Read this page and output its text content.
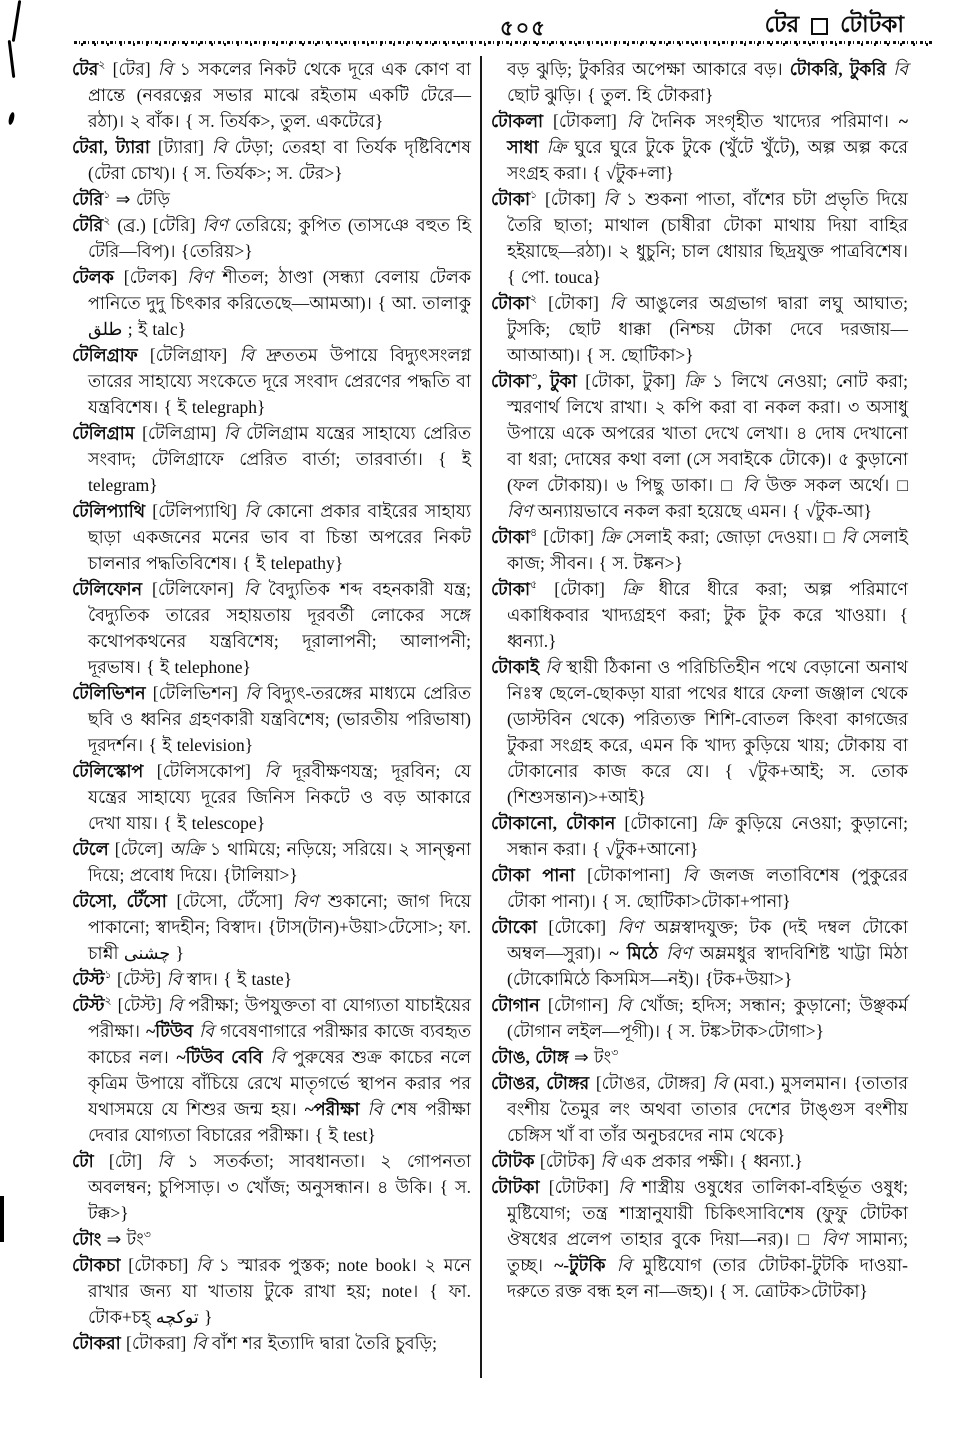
৫০৫	টের টোটকা

টের$^২$ [টের] বি ১ সকলের নিকট থেকে দূরে এক কোণ বা প্রান্তে (নবরত্নের সভার মাঝে রইতাম একটি টেরে— রঠা)। ২ বাঁক। { স. তির্যক>, তুল. একটেরে}

টেরা, ট্যারা [ট্যারা] বি টেড়া; তেরহা বা তির্যক দৃষ্টিবিশেষ (টেরা চোখ)। { স. তির্যক>; স. টের>}

টেরি$^১$ ⇒ টেড়ি

টেরি$^২$ (ব্র.) [টেরি] বিণ তেরিয়ে; কুপিত (তাসঞে বহুত হি টেরি—বিপ)। {তেরিয়>}

টেলক [টেলক] বিণ শীতল; ঠাণ্ডা (সন্ধ্যা বেলায় টেলক পানিতে দুদু চিৎকার করিতেছে—আমআ)। { আ. তালাকু طلق ; ই talc}

টেলিগ্রাফ [টেলিগ্রাফ] বি দ্রুততম উপায়ে বিদ্যুৎসংলগ্ন তারের সাহায্যে সংকেতে দূরে সংবাদ প্রেরণের পদ্ধতি বা যন্ত্রবিশেষ। { ই telegraph}

টেলিগ্রাম [টেলিগ্রাম] বি টেলিগ্রাম যন্ত্রের সাহায্যে প্রেরিত সংবাদ; টেলিগ্রাফে প্রেরিত বার্তা; তারবার্তা। { ই telegram}

টেলিপ্যাথি [টেলিপ্যাথি] বি কোনো প্রকার বাইরের সাহায্য ছাড়া একজনের মনের ভাব বা চিন্তা অপরের নিকট চালনার পদ্ধতিবিশেষ। { ই telepathy}

টেলিফোন [টেলিফোন] বি বৈদ্যুতিক শব্দ বহনকারী যন্ত্র; বৈদ্যুতিক তারের সহায়তায় দূরবর্তী লোকের সঙ্গে কথোপকথনের যন্ত্রবিশেষ; দূরালাপনী; আলাপনী; দূরভাষ। { ই telephone}

টেলিভিশন [টেলিভিশন] বি বিদ্যুৎ-তরঙ্গের মাধ্যমে প্রেরিত ছবি ও ধ্বনির গ্রহণকারী যন্ত্রবিশেষ; (ভারতীয় পরিভাষা) দূরদর্শন। { ই television}

টেলিস্কোপ [টেলিসকোপ] বি দূরবীক্ষণযন্ত্র; দূরবিন; যে যন্ত্রের সাহায্যে দূরের জিনিস নিকটে ও বড় আকারে দেখা যায়। { ই telescope}

টেলে [টেলে] অক্রি ১ থামিয়ে; নড়িয়ে; সরিয়ে। ২ সান্ত্বনা দিয়ে; প্রবোধ দিয়ে। {টালিয়া>}

টেসো, টেঁসো [টেসো, টেঁসো] বিণ শুকানো; জাগ দিয়ে পাকানো; স্বাদহীন; বিস্বাদ। {টাস(টান)+উয়া>টেসো>; ফা. চাশ্নী چشنی }

টেস্ট$^১$ [টেস্ট] বি স্বাদ। { ই taste}

টেস্ট$^২$ [টেস্ট] বি পরীক্ষা; উপযুক্ততা বা যোগ্যতা যাচাইয়ের পরীক্ষা। ~টিউব বি গবেষণাগারে পরীক্ষার কাজে ব্যবহৃত কাচের নল। ~টিউব বেবি বি পুরুষের শুক্র কাচের নলে কৃত্রিম উপায়ে বাঁচিয়ে রেখে মাতৃগর্ভে স্থাপন করার পর যথাসময়ে যে শিশুর জন্ম হয়। ~পরীক্ষা বি শেষ পরীক্ষা দেবার যোগ্যতা বিচারের পরীক্ষা। { ই test}

টো [টো] বি ১ সতর্কতা; সাবধানতা। ২ গোপনতা অবলম্বন; চুপিসাড়। ৩ খোঁজ; অনুসন্ধান। ৪ উকি। { স. টক্ক>}

টোং ⇒ টং$^৩$

টোকচা [টোকচা] বি ১ স্মারক পুস্তক; note book। ২ মনে রাখার জন্য যা খাতায় টুকে রাখা হয়; note। { ফা. টোক+চহ্ توكچه }

টোকরা [টোকরা] বি বাঁশ শর ইত্যাদি দ্বারা তৈরি চুবড়ি;

বড় ঝুড়ি; টুকরির অপেক্ষা আকারে বড়। টোকরি, টুকরি বি ছোট ঝুড়ি। { তুল. হি টোকরা}

টোকলা [টোকলা] বি দৈনিক সংগৃহীত খাদ্যের পরিমাণ। ~ সাধা ক্রি ঘুরে ঘুরে টুকে টুকে (খুঁটে খুঁটে), অল্প অল্প করে সংগ্রহ করা। { √টুক+লা}

টোকা$^১$ [টোকা] বি ১ শুকনা পাতা, বাঁশের চটা প্রভৃতি দিয়ে তৈরি ছাতা; মাথাল (চাষীরা টোকা মাথায় দিয়া বাহির হইয়াছে—রঠা)। ২ ধুচুনি; চাল ধোয়ার ছিদ্রযুক্ত পাত্রবিশেষ। { পো. touca}

টোকা$^২$ [টোকা] বি আঙুলের অগ্রভাগ দ্বারা লঘু আঘাত; টুসকি; ছোট ধাক্কা (নিশ্চয় টোকা দেবে দরজায়— আআআ)। { স. ছোটিকা>}

টোকা$^৩$, টুকা [টোকা, টুকা] ক্রি ১ লিখে নেওয়া; নোট করা; স্মরণার্থ লিখে রাখা। ২ কপি করা বা নকল করা। ৩ অসাধু উপায়ে একে অপরের খাতা দেখে লেখা। ৪ দোষ দেখানো বা ধরা; দোষের কথা বলা (সে সবাইকে টোকে)। ৫ কুড়ানো (ফল টোকায়)। ৬ পিছু ডাকা। □ বি উক্ত সকল অর্থে। □ বিণ অন্যায়ভাবে নকল করা হয়েছে এমন। { √টুক-আ}

টোকা$^৪$ [টোকা] ক্রি সেলাই করা; জোড়া দেওয়া। □ বি সেলাই কাজ; সীবন। { স. টঙ্কন>}

টোকা$^৫$ [টোকা] ক্রি ধীরে ধীরে করা; অল্প পরিমাণে একাধিকবার খাদ্যগ্রহণ করা; টুক টুক করে খাওয়া। { ধ্বন্যা.}

টোকাই বি স্থায়ী ঠিকানা ও পরিচিতিহীন পথে বেড়ানো অনাথ নিঃস্ব ছেলে-ছোকড়া যারা পথের ধারে ফেলা জঞ্জাল থেকে (ডাস্টবিন থেকে) পরিত্যক্ত শিশি-বোতল কিংবা কাগজের টুকরা সংগ্রহ করে, এমন কি খাদ্য কুড়িয়ে খায়; টোকায় বা টোকানোর কাজ করে যে। { √টুক+আই; স. তোক (শিশুসন্তান)>+আই}

টোকানো, টোকান [টোকানো] ক্রি কুড়িয়ে নেওয়া; কুড়ানো; সন্ধান করা। { √টুক+আনো}

টোকা পানা [টোকাপানা] বি জলজ লতাবিশেষ (পুকুরের টোকা পানা)। { স. ছোটিকা>টোকা+পানা}

টোকো [টোকো] বিণ অম্লস্বাদযুক্ত; টক (দই দম্বল টোকো অম্বল—সুরা)। ~ মিঠে বিণ অম্লমধুর স্বাদবিশিষ্ট খাট্টা মিঠা (টোকোমিঠে কিসমিস—নই)। {টক+উয়া>}

টোগান [টোগান] বি খোঁজ; হদিস; সন্ধান; কুড়ানো; উঞ্ছকর্ম (টোগান লইল—পূগী)। { স. টঙ্ক>টাক>টোগা>}

টোঙ, টোঙ্গ ⇒ টং$^৩$

টোঙর, টোঙ্গর [টোঙর, টোঙ্গর] বি (মবা.) মুসলমান। {তাতার বংশীয় তৈমুর লং অথবা তাতার দেশের টাঙ্গুস বংশীয় চেঙ্গিস খাঁ বা তাঁর অনুচরদের নাম থেকে}

টোটক [টোটক] বি এক প্রকার পক্ষী। { ধ্বন্যা.}

টোটকা [টোটকা] বি শাস্ত্রীয় ওষুধের তালিকা-বহির্ভূত ওষুধ; মুষ্টিযোগ; তন্ত্র শাস্ত্রানুযায়ী চিকিৎসাবিশেষ (ফুফু টোটকা ঔষধের প্রলেপ তাহার বুকে দিয়া—নর)। □ বিণ সামান্য; তুচ্ছ। ~-টুটকি বি মুষ্টিযোগ (তার টোটকা-টুটকি দাওয়া-দরুতে রক্ত বন্ধ হল না—জহ)। { স. ত্রোটক>টোটকা}
